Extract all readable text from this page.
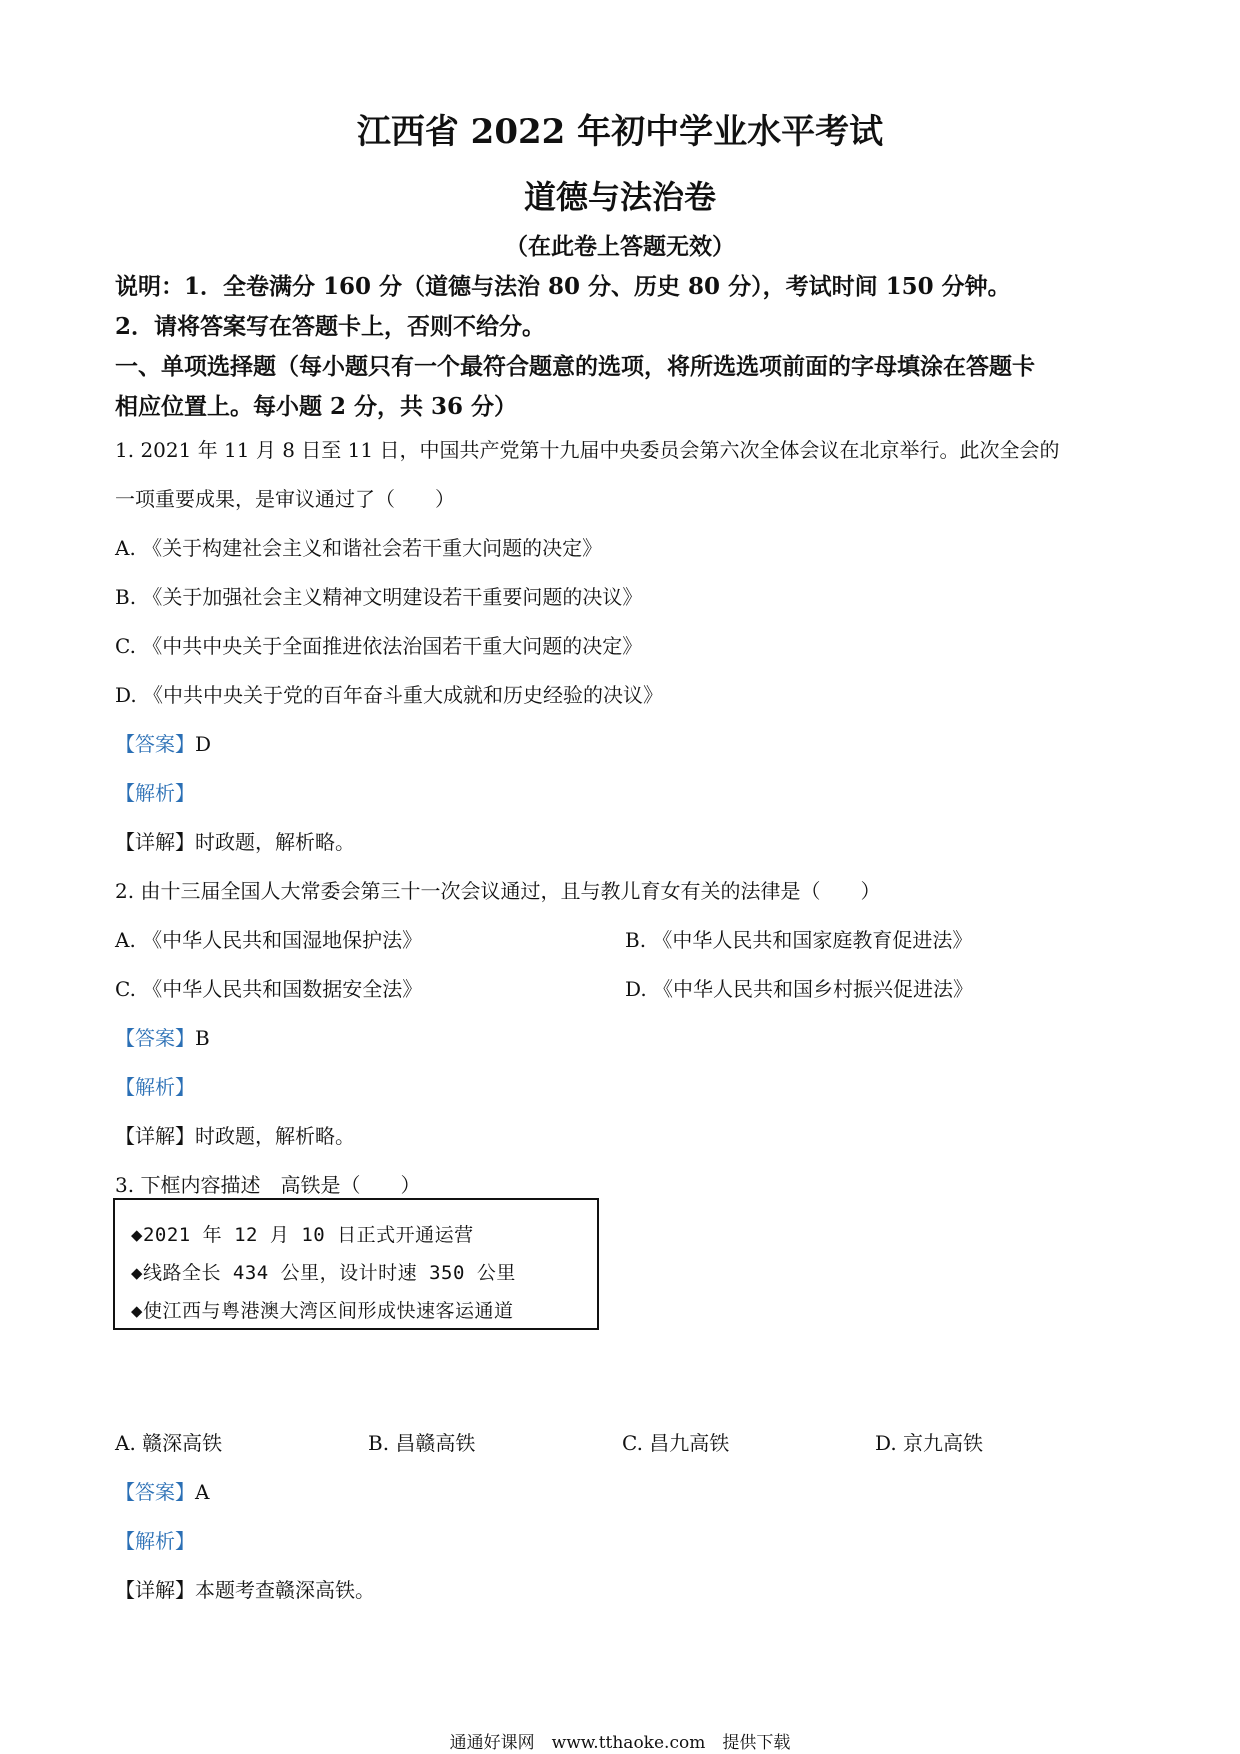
江西省 2022 年初中学业水平考试
道德与法治卷
（在此卷上答题无效）
说明：1．全卷满分 160 分（道德与法治 80 分、历史 80 分），考试时间 150 分钟。
2．请将答案写在答题卡上，否则不给分。
一、单项选择题（每小题只有一个最符合题意的选项，将所选选项前面的字母填涂在答题卡
相应位置上。每小题 2 分，共 36 分）
1. 2021 年 11 月 8 日至 11 日，中国共产党第十九届中央委员会第六次全体会议在北京举行。此次全会的
一项重要成果，是审议通过了（　　）
A. 《关于构建社会主义和谐社会若干重大问题的决定》
B. 《关于加强社会主义精神文明建设若干重要问题的决议》
C. 《中共中央关于全面推进依法治国若干重大问题的决定》
D. 《中共中央关于党的百年奋斗重大成就和历史经验的决议》
【答案】D
【解析】
【详解】时政题，解析略。
2. 由十三届全国人大常委会第三十一次会议通过，且与教儿育女有关的法律是（　　）
A. 《中华人民共和国湿地保护法》	B. 《中华人民共和国家庭教育促进法》
C. 《中华人民共和国数据安全法》	D. 《中华人民共和国乡村振兴促进法》
【答案】B
【解析】
【详解】时政题，解析略。
3. 下框内容描述　高铁是（　　）
◆2021 年 12 月 10 日正式开通运营
◆线路全长 434 公里，设计时速 350 公里
◆使江西与粤港澳大湾区间形成快速客运通道
A. 赣深高铁	B. 昌赣高铁	C. 昌九高铁	D. 京九高铁
【答案】A
【解析】
【详解】本题考查赣深高铁。
通通好课网　www.tthaoke.com　提供下载
